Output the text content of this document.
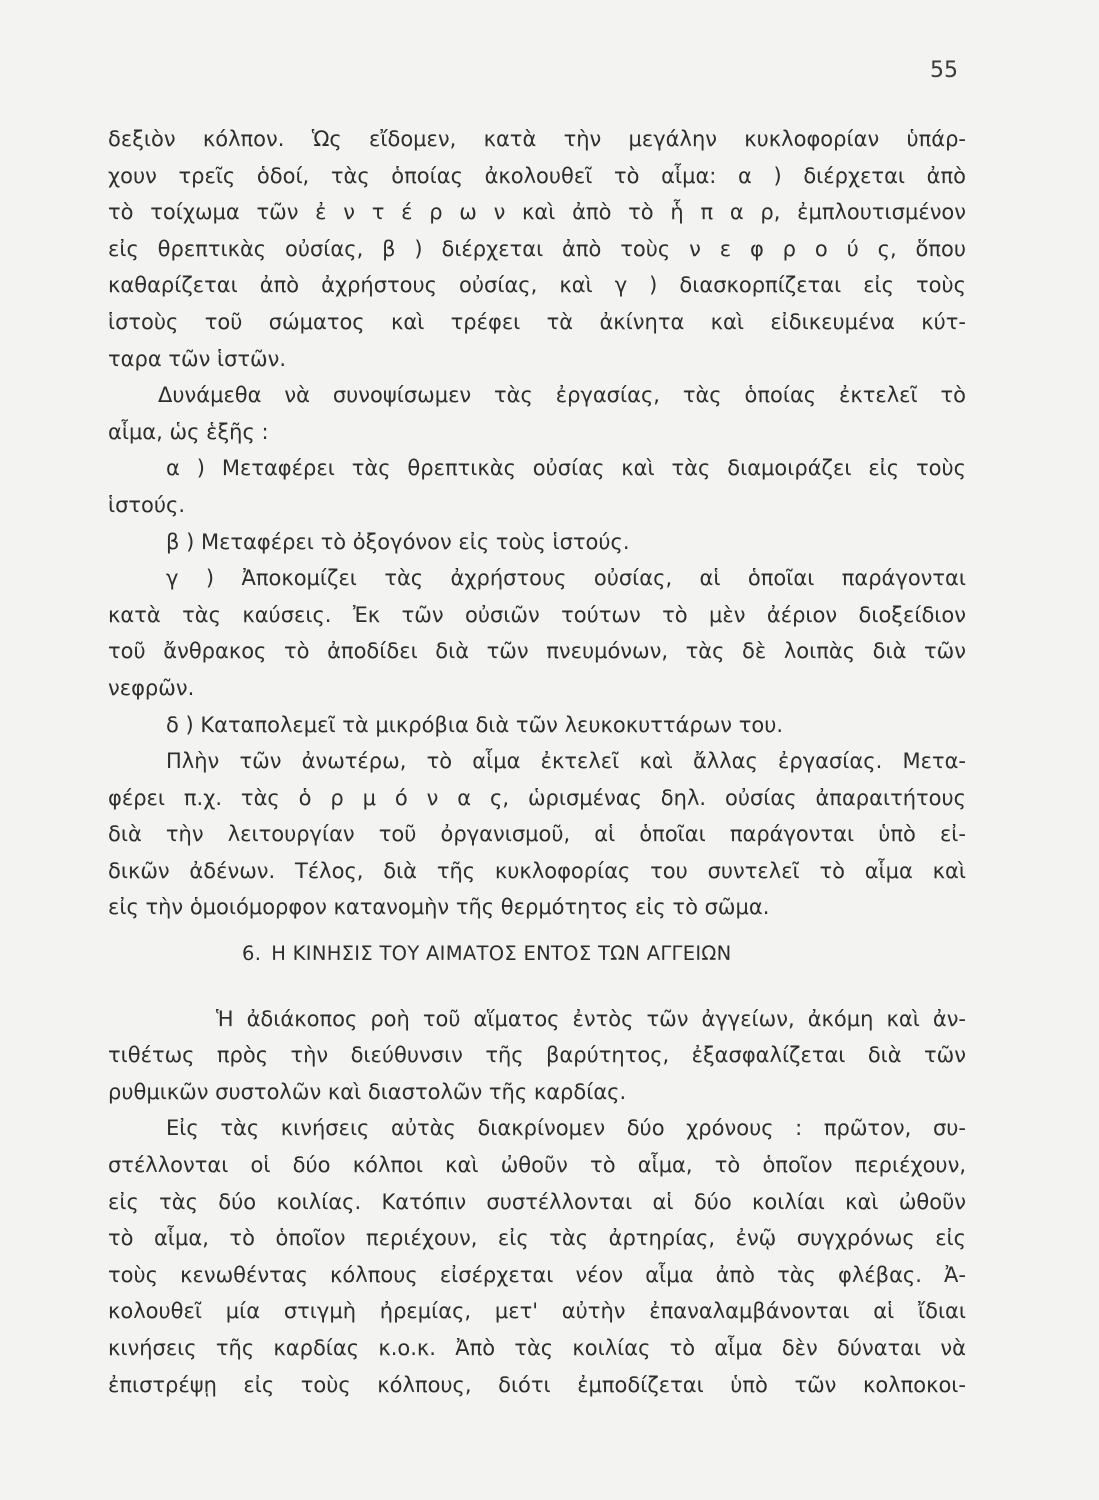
55
δεξιὸν κόλπον. Ὡς εἴδομεν, κατὰ τὴν μεγάλην κυκλοφορίαν ὑπάρ-
χουν τρεῖς ὁδοί, τὰς ὁποίας ἀκολουθεῖ τὸ αἷμα: α ) διέρχεται ἀπὸ
τὸ τοίχωμα τῶν ἐ ν τ έ ρ ω ν καὶ ἀπὸ τὸ ἧ π α ρ, ἐμπλουτισμένον
εἰς θρεπτικὰς οὐσίας, β ) διέρχεται ἀπὸ τοὺς ν ε φ ρ ο ύ ς, ὅπου
καθαρίζεται ἀπὸ ἀχρήστους οὐσίας, καὶ γ ) διασκορπίζεται εἰς τοὺς
ἱστοὺς τοῦ σώματος καὶ τρέφει τὰ ἀκίνητα καὶ εἰδικευμένα κύτ-
ταρα τῶν ἱστῶν.
Δυνάμεθα νὰ συνοψίσωμεν τὰς ἐργασίας, τὰς ὁποίας ἐκτελεῖ τὸ
αἷμα, ὡς ἑξῆς :
α ) Μεταφέρει τὰς θρεπτικὰς οὐσίας καὶ τὰς διαμοιράζει εἰς τοὺς
ἱστούς.
β ) Μεταφέρει τὸ ὀξογόνον εἰς τοὺς ἱστούς.
γ ) Ἀποκομίζει τὰς ἀχρήστους οὐσίας, αἱ ὁποῖαι παράγονται
κατὰ τὰς καύσεις. Ἐκ τῶν οὐσιῶν τούτων τὸ μὲν ἀέριον διοξείδιον
τοῦ ἄνθρακος τὸ ἀποδίδει διὰ τῶν πνευμόνων, τὰς δὲ λοιπὰς διὰ τῶν
νεφρῶν.
δ ) Καταπολεμεῖ τὰ μικρόβια διὰ τῶν λευκοκυττάρων του.
Πλὴν τῶν ἀνωτέρω, τὸ αἷμα ἐκτελεῖ καὶ ἄλλας ἐργασίας. Μετα-
φέρει π.χ. τὰς ὁ ρ μ ό ν α ς, ὡρισμένας δηλ. οὐσίας ἀπαραιτήτους
διὰ τὴν λειτουργίαν τοῦ ὀργανισμοῦ, αἱ ὁποῖαι παράγονται ὑπὸ εἰ-
δικῶν ἀδένων. Τέλος, διὰ τῆς κυκλοφορίας του συντελεῖ τὸ αἷμα καὶ
εἰς τὴν ὁμοιόμορφον κατανομὴν τῆς θερμότητος εἰς τὸ σῶμα.
6. Η ΚΙΝΗΣΙΣ ΤΟΥ ΑΙΜΑΤΟΣ ΕΝΤΟΣ ΤΩΝ ΑΓΓΕΙΩΝ
Ἡ ἀδιάκοπος ροὴ τοῦ αἵματος ἐντὸς τῶν ἀγγείων, ἀκόμη καὶ ἀν-
τιθέτως πρὸς τὴν διεύθυνσιν τῆς βαρύτητος, ἐξασφαλίζεται διὰ τῶν
ρυθμικῶν συστολῶν καὶ διαστολῶν τῆς καρδίας.
Εἰς τὰς κινήσεις αὐτὰς διακρίνομεν δύο χρόνους : πρῶτον, συ-
στέλλονται οἱ δύο κόλποι καὶ ὠθοῦν τὸ αἷμα, τὸ ὁποῖον περιέχουν,
εἰς τὰς δύο κοιλίας. Κατόπιν συστέλλονται αἱ δύο κοιλίαι καὶ ὠθοῦν
τὸ αἷμα, τὸ ὁποῖον περιέχουν, εἰς τὰς ἀρτηρίας, ἐνῷ συγχρόνως εἰς
τοὺς κενωθέντας κόλπους εἰσέρχεται νέον αἷμα ἀπὸ τὰς φλέβας. Ἀ-
κολουθεῖ μία στιγμὴ ἠρεμίας, μετ' αὐτὴν ἐπαναλαμβάνονται αἱ ἴδιαι
κινήσεις τῆς καρδίας κ.ο.κ. Ἀπὸ τὰς κοιλίας τὸ αἷμα δὲν δύναται νὰ
ἐπιστρέψῃ εἰς τοὺς κόλπους, διότι ἐμποδίζεται ὑπὸ τῶν κολποκοι-
